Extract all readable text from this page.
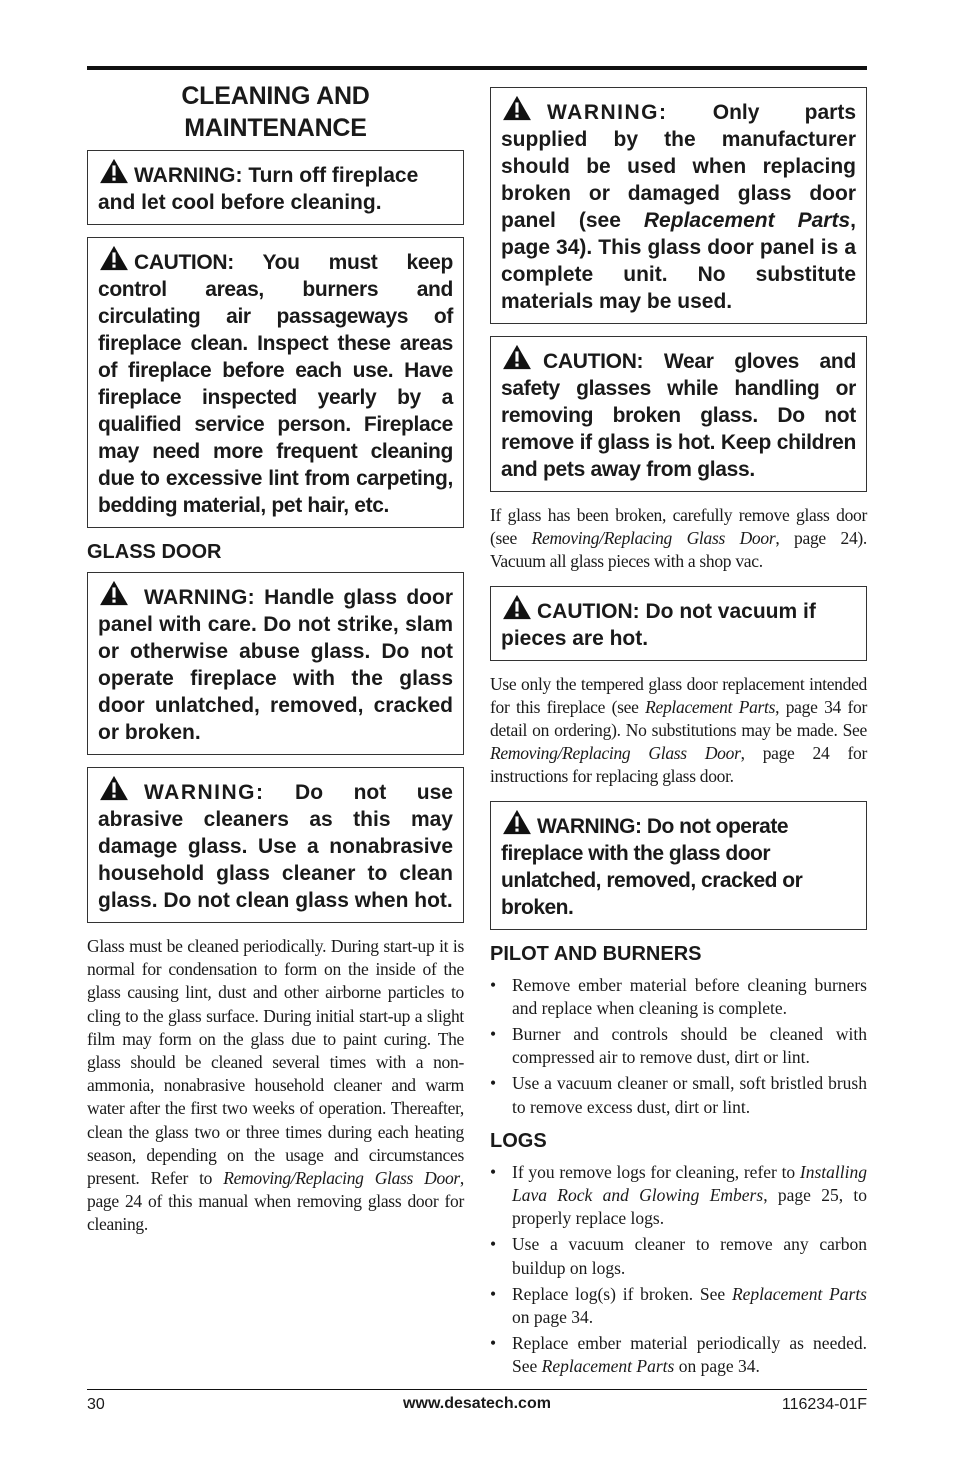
CLEANING AND
MAINTENANCE
WARNING: Turn off fireplace and let cool before cleaning.
CAUTION: You must keep control areas, burners and circulating air passageways of fireplace clean. Inspect these areas of fireplace before each use. Have fireplace inspected yearly by a qualified service person. Fireplace may need more frequent cleaning due to excessive lint from carpeting, bedding material, pet hair, etc.
GLASS DOOR
WARNING: Handle glass door panel with care. Do not strike, slam or otherwise abuse glass. Do not operate fireplace with the glass door unlatched, removed, cracked or broken.
WARNING: Do not use abrasive cleaners as this may damage glass. Use a nonabrasive household glass cleaner to clean glass. Do not clean glass when hot.

Glass must be cleaned periodically. During start-up it is normal for condensation to form on the inside of the glass causing lint, dust and other airborne particles to cling to the glass surface. During initial start-up a slight film may form on the glass due to paint curing. The glass should be cleaned several times with a non-ammonia, nonabrasive household cleaner and warm water after the first two weeks of operation. Thereafter, clean the glass two or three times during each heating season, depending on the usage and circumstances present. Refer to Removing/Replacing Glass Door, page 24 of this manual when removing glass door for cleaning.

WARNING: Only parts supplied by the manufacturer should be used when replacing broken or damaged glass door panel (see Replacement Parts, page 34). This glass door panel is a complete unit. No substitute materials may be used.
CAUTION: Wear gloves and safety glasses while handling or removing broken glass. Do not remove if glass is hot. Keep children and pets away from glass.

If glass has been broken, carefully remove glass door (see Removing/Replacing Glass Door, page 24). Vacuum all glass pieces with a shop vac.

CAUTION: Do not vacuum if pieces are hot.

Use only the tempered glass door replacement intended for this fireplace (see Replacement Parts, page 34 for detail on ordering). No substitutions may be made. See Removing/Replacing Glass Door, page 24 for instructions for replacing glass door.

WARNING: Do not operate fireplace with the glass door unlatched, removed, cracked or broken.
PILOT AND BURNERS
• Remove ember material before cleaning burners and replace when cleaning is complete.
• Burner and controls should be cleaned with compressed air to remove dust, dirt or lint.
• Use a vacuum cleaner or small, soft bristled brush to remove excess dust, dirt or lint.
LOGS
• If you remove logs for cleaning, refer to Installing Lava Rock and Glowing Embers, page 25, to properly replace logs.
• Use a vacuum cleaner to remove any carbon buildup on logs.
• Replace log(s) if broken. See Replacement Parts on page 34.
• Replace ember material periodically as needed. See Replacement Parts on page 34.
30	www.desatech.com	116234-01F
